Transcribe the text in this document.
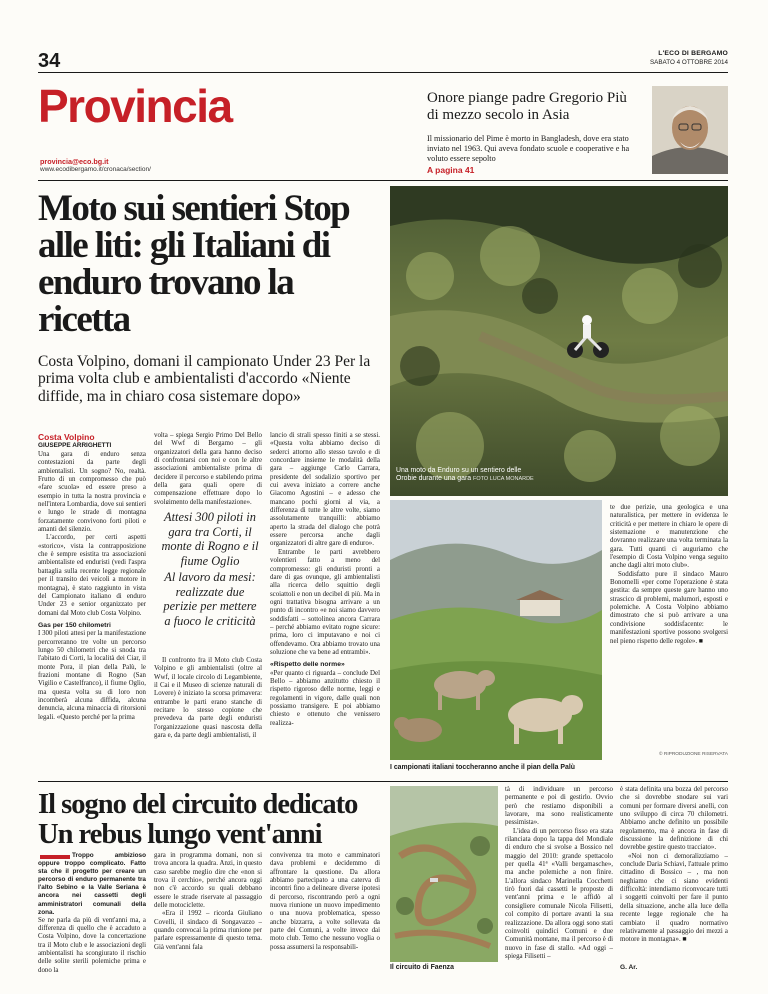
34	L'ECO DI BERGAMO
SABATO 4 OTTOBRE 2014
Provincia
provincia@eco.bg.it
www.ecodibergamo.it/cronaca/section/
Onore piange padre Gregorio Più di mezzo secolo in Asia
Il missionario del Pime è morto in Bangladesh, dove era stato inviato nel 1963. Qui aveva fondato scuole e cooperative e ha voluto essere sepolto
A pagina 41
Moto sui sentieri Stop alle liti: gli Italiani di enduro trovano la ricetta
Costa Volpino, domani il campionato Under 23 Per la prima volta club e ambientalisti d'accordo «Niente diffide, ma in chiaro cosa sistemare dopo»
Una moto da Enduro su un sentiero delle Orobie durante una gara FOTO LUCA MONARDE
I campionati italiani toccheranno anche il pian della Palù
Costa Volpino
GIUSEPPE ARRIGHETTI

Una gara di enduro senza contestazioni da parte degli ambientalisti. Un sogno? No, realtà. Frutto di un compromesso che può «fare scuola» ed essere preso a esempio in tutta la nostra provincia e nell'intera Lombardia, dove sui sentieri e lungo le strade di montagna forzatamente convivono forti piloti e amanti del silenzio.

L'accordo, per certi aspetti «storico», vista la contrapposizione che è sempre esistita tra associazioni ambientaliste ed enduristi (vedi l'aspra battaglia sulla recente legge regionale per il transito dei veicoli a motore in montagna), è stato raggiunto in vista del Campionato italiano di enduro Under 23 e senior organizzato per domani dal Moto club Costa Volpino.

Gas per 150 chilometri

I 300 piloti attesi per la manifestazione percorreranno tre volte un percorso lungo 50 chilometri che si snoda tra l'abitato di Corti, la località dei Ciar, il monte Pora, il pian della Palù, le frazioni montane di Rogno (San Vigilio e Castelfranco), il fiume Oglio, ma questa volta su di loro non incomberà alcuna diffida, alcuna denuncia, alcuna minaccia di ritorsioni legali. «Questo perché per la prima

volta – spiega Sergio Primo Del Bello del Wwf di Bergamo – gli organizzatori della gara hanno deciso di confrontarsi con noi e con le altre associazioni ambientaliste prima di decidere il percorso e stabilendo prima della gara quali opere di compensazione effettuare dopo lo svolgimento della manifestazione».

Attesi 300 piloti in gara tra Corti, il monte di Rogno e il fiume Oglio
Al lavoro da mesi: realizzate due perizie per mettere a fuoco le criticità

Il confronto fra il Moto club Costa Volpino e gli ambientalisti (oltre al Wwf, il locale circolo di Legambiente, il Cai e il Museo di scienze naturali di Lovere) è iniziato la scorsa primavera: entrambe le parti erano stanche di recitare lo stesso copione che prevedeva da parte degli enduristi l'organizzazione quasi nascosta della gara e, da parte degli ambientalisti, il

lancio di strali spesso finiti a se stessi. «Questa volta abbiamo deciso di sederci attorno allo stesso tavolo e di concordare insieme le modalità della gara – aggiunge Carlo Carrara, presidente del sodalizio sportivo per cui aveva iniziato a correre anche Giacomo Agostini – e adesso che mancano pochi giorni al via, a differenza di tutte le altre volte, siamo assolutamente tranquilli: abbiamo aperto la strada del dialogo che potrà essere percorsa anche dagli organizzatori di altre gare di enduro».

Entrambe le parti avrebbero volentieri fatto a meno del compromesso: gli enduristi pronti a dare di gas ovunque, gli ambientalisti alla ricerca dello squittio degli scoiattoli e non un decibel di più. Ma in ogni trattativa bisogna arrivare a un punto di incontro «e noi siamo davvero soddisfatti – sottolinea ancora Carrara – perché abbiamo evitato rogne sicure: prima, loro ci imputavano e noi ci offendevamo. Ora abbiamo trovato una soluzione che va bene ad entrambi».

«Rispetto delle norme»

«Per quanto ci riguarda – conclude Del Bello – abbiamo anzitutto chiesto il rispetto rigoroso delle norme, leggi e regolamenti in vigore, dalle quali non possiamo transigere. E poi abbiamo chiesto e ottenuto che venissero realizza-

te due perizie, una geologica e una naturalistica, per mettere in evidenza le criticità e per mettere in chiaro le opere di sistemazione e manutenzione che dovranno realizzare una volta terminata la gara. Tutti quanti ci auguriamo che l'esempio di Costa Volpino venga seguito anche dagli altri moto club».

Soddisfatto pure il sindaco Mauro Bonomelli «per come l'operazione è stata gestita: da sempre queste gare hanno uno strascico di problemi, malumori, esposti e polemiche. A Costa Volpino abbiamo dimostrato che si può arrivare a una condivisione soddisfacente: le manifestazioni sportive possono svolgersi nel pieno rispetto delle regole». ■

© RIPRODUZIONE RISERVATA
Il sogno del circuito dedicato Un rebus lungo vent'anni

Troppo ambizioso oppure troppo complicato. Fatto sta che il progetto per creare un percorso di enduro permanente tra l'alto Sebino e la Valle Seriana è ancora nei cassetti degli amministratori comunali della zona.

Se ne parla da più di vent'anni ma, a differenza di quello che è accaduto a Costa Volpino, dove la concertazione tra il Moto club e le associazioni degli ambientalisti ha scongiurato il rischio delle solite sterili polemiche prima e dopo la

gara in programma domani, non si trova ancora la quadra. Anzi, in questo caso sarebbe meglio dire che «non si trova il cerchio», perché ancora oggi non c'è accordo su quali debbano essere le strade riservate al passaggio delle motociclette.

«Era il 1992 – ricorda Giuliano Covelli, il sindaco di Songavazzo – quando convocai la prima riunione per parlare espressamente di questo tema. Già vent'anni fala

convivenza tra moto e camminatori dava problemi e decidemmo di affrontare la questione. Da allora abbiamo partecipato a una caterva di incontri fino a delineare diverse ipotesi di percorso, riscontrando però a ogni nuova riunione un nuovo impedimento o una nuova problematica, spesso anche bizzarra, a volte sollevata da parte dei Comuni, a volte invece dai moto club. Temo che nessuno voglia o possa assumersi la responsabili-

Il circuito di Faenza

tà di individuare un percorso permanente e poi di gestirlo. Ovvio però che restiamo disponibili a lavorare, ma sono realisticamente pessimista».

L'idea di un percorso fisso era stata rilanciata dopo la tappa del Mondiale di enduro che si svolse a Bossico nel maggio del 2010: grande spettacolo per quella 41ª «Valli bergamasche», ma anche polemiche a non finire. L'allora sindaco Marinella Cocchetti tirò fuori dai cassetti le proposte di vent'anni prima e le affidò al consigliere comunale Nicola Filisetti, col compito di portare avanti la sua realizzazione. Da allora oggi sono stati coinvolti quindici Comuni e due Comunità montane, ma il percorso è di nuovo in fase di stallo. «Ad oggi – spiega Filisetti –

è stata definita una bozza del percorso che si dovrebbe snodare sui vari comuni per formare diversi anelli, con uno sviluppo di circa 70 chilometri. Abbiamo anche definito un possibile regolamento, ma è ancora in fase di discussione la definizione di chi dovrebbe gestire questo tracciato».

«Noi non ci demoralizziamo – conclude Daria Schiavi, l'attuale primo cittadino di Bossico – , ma non neghiamo che ci siano evidenti difficoltà: intendiamo riconvocare tutti i soggetti coinvolti per fare il punto della situazione, anche alla luce della recente legge regionale che ha cambiato il quadro normativo relativamente al passaggio dei mezzi a motore in montagna». ■

G. Ar.
